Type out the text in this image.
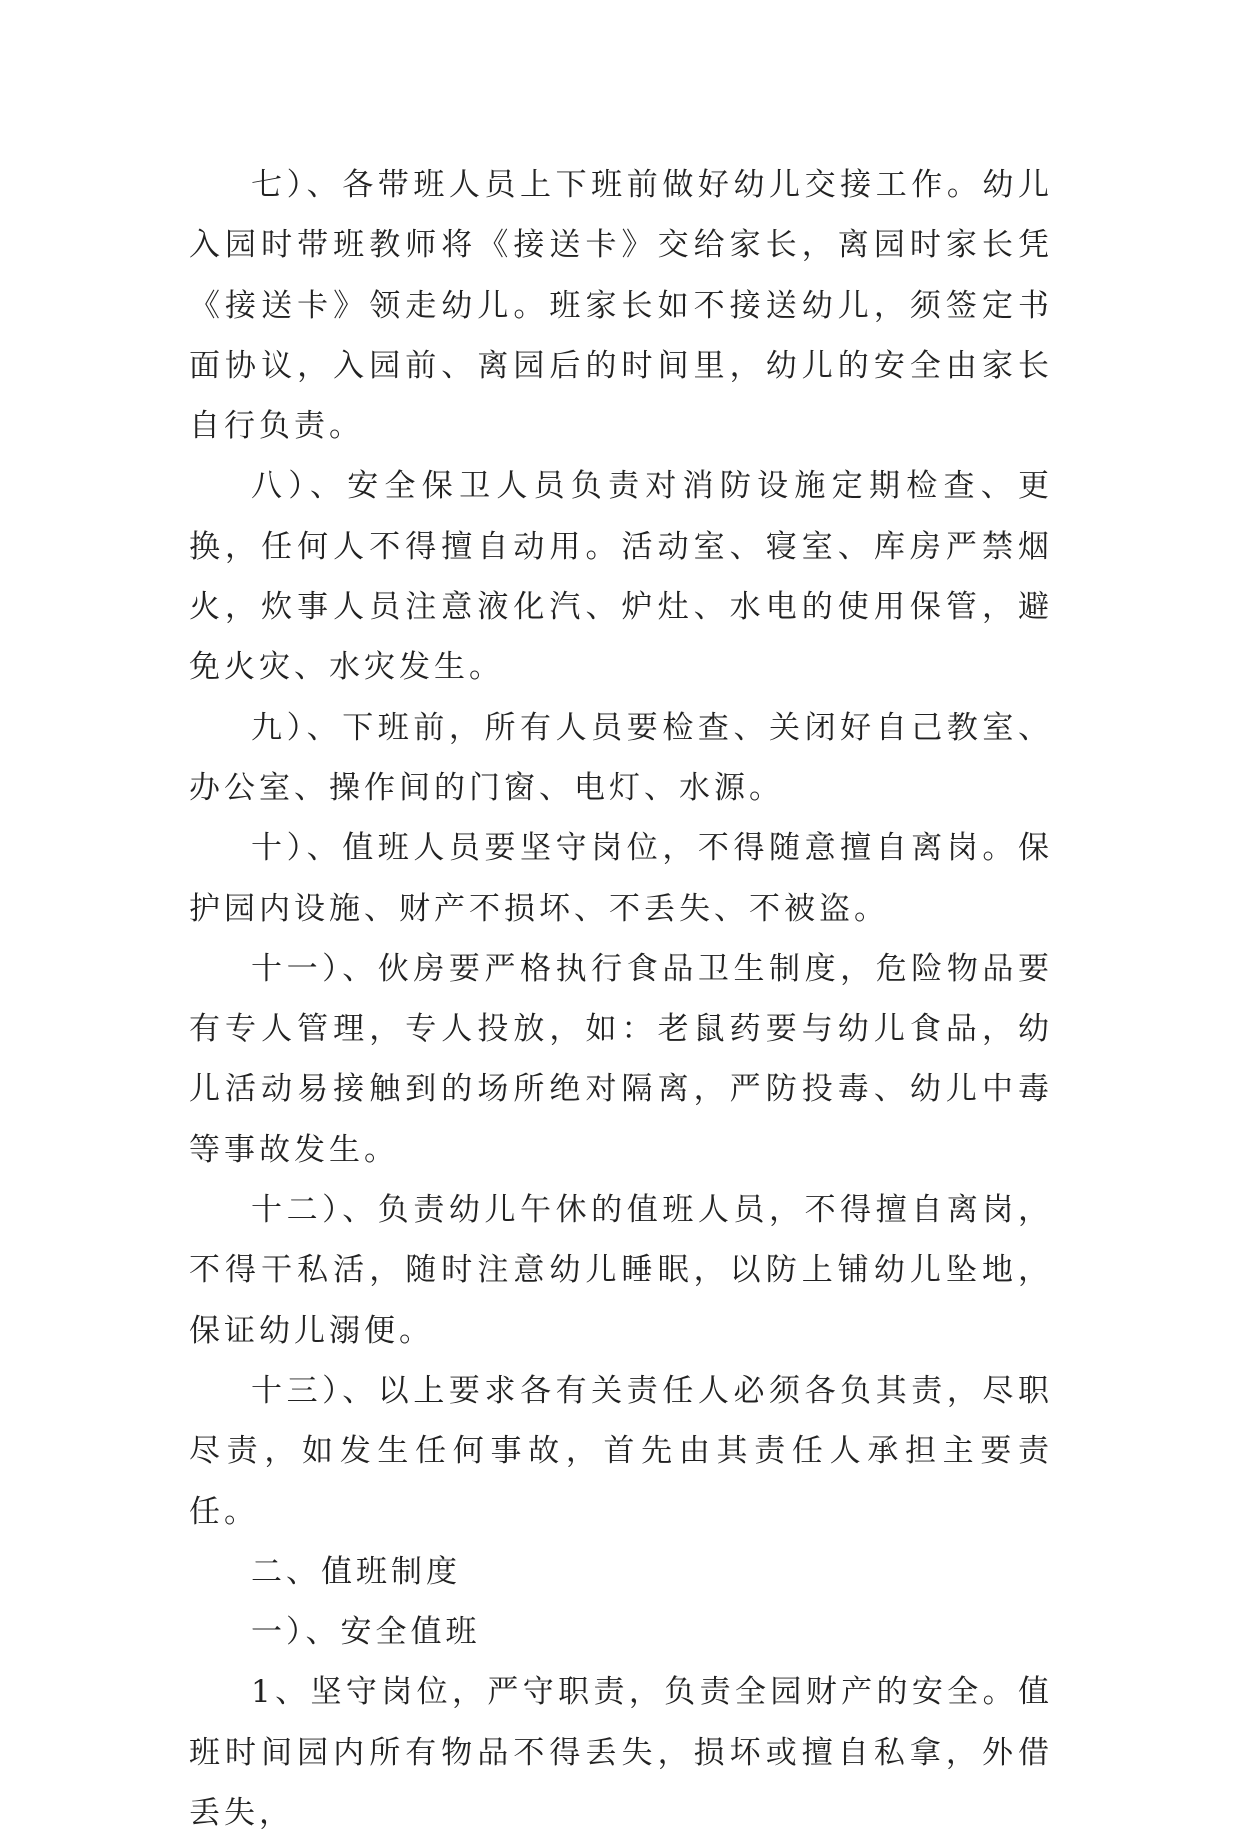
七）、各带班人员上下班前做好幼儿交接工作。幼儿入园时带班教师将《接送卡》交给家长，离园时家长凭《接送卡》领走幼儿。班家长如不接送幼儿，须签定书面协议，入园前、离园后的时间里，幼儿的安全由家长自行负责。

八）、安全保卫人员负责对消防设施定期检查、更换，任何人不得擅自动用。活动室、寝室、库房严禁烟火，炊事人员注意液化汽、炉灶、水电的使用保管，避免火灾、水灾发生。

九）、下班前，所有人员要检查、关闭好自己教室、办公室、操作间的门窗、电灯、水源。

十）、值班人员要坚守岗位，不得随意擅自离岗。保护园内设施、财产不损坏、不丢失、不被盗。

十一）、伙房要严格执行食品卫生制度，危险物品要有专人管理，专人投放，如：老鼠药要与幼儿食品，幼儿活动易接触到的场所绝对隔离，严防投毒、幼儿中毒等事故发生。

十二）、负责幼儿午休的值班人员，不得擅自离岗，不得干私活，随时注意幼儿睡眠，以防上铺幼儿坠地，保证幼儿溺便。

十三）、以上要求各有关责任人必须各负其责，尽职尽责，如发生任何事故，首先由其责任人承担主要责任。

二、值班制度

一）、安全值班

1、坚守岗位，严守职责，负责全园财产的安全。值班时间园内所有物品不得丢失，损坏或擅自私拿，外借丢失，
